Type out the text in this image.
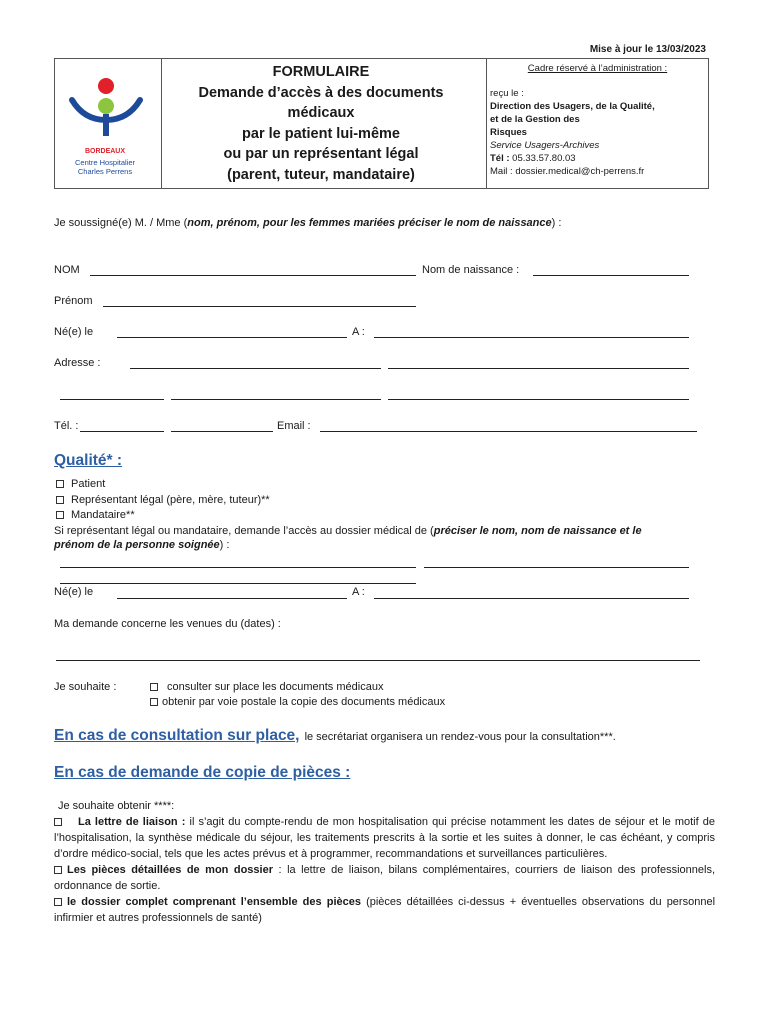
Mise à jour le 13/03/2023
BORDEAUX
Centre Hospitalier
Charles Perrens
FORMULAIRE
Demande d’accès à des documents
médicaux
par le patient lui-même
ou par un représentant légal
(parent, tuteur, mandataire)
Cadre réservé à l’administration :
reçu le :
Direction des Usagers, de la Qualité,
et de la Gestion des
Risques
Service Usagers-Archives
Tél : 05.33.57.80.03
Mail : dossier.medical@ch-perrens.fr
Je soussigné(e) M. / Mme (nom, prénom, pour les femmes mariées préciser le nom de naissance) :
NOM	Nom de naissance :
Prénom
Né(e) le	A :
Adresse :
Tél. :	Email :
Qualité* :
Patient
Représentant légal (père, mère, tuteur)**
Mandataire**
Si représentant légal ou mandataire, demande l’accès au dossier médical de (préciser le nom, nom de naissance et le
prénom de la personne soignée) :
Né(e) le	A :
Ma demande concerne les venues du (dates) :
Je souhaite :	consulter sur place les documents médicaux
obtenir par voie postale la copie des documents médicaux
En cas de consultation sur place, le secrétariat organisera un rendez-vous pour la consultation***.
En cas de demande de copie de pièces :
Je souhaite obtenir ****:
La lettre de liaison : il s’agit du compte-rendu de mon hospitalisation qui précise notamment les dates de séjour et le motif de l’hospitalisation, la synthèse médicale du séjour, les traitements prescrits à la sortie et les suites à donner, le cas échéant, y compris d’ordre médico-social, tels que les actes prévus et à programmer, recommandations et surveillances particulières.
Les pièces détaillées de mon dossier : la lettre de liaison, bilans complémentaires, courriers de liaison des professionnels, ordonnance de sortie.
le dossier complet comprenant l’ensemble des pièces (pièces détaillées ci-dessus + éventuelles observations du personnel infirmier et autres professionnels de santé)
